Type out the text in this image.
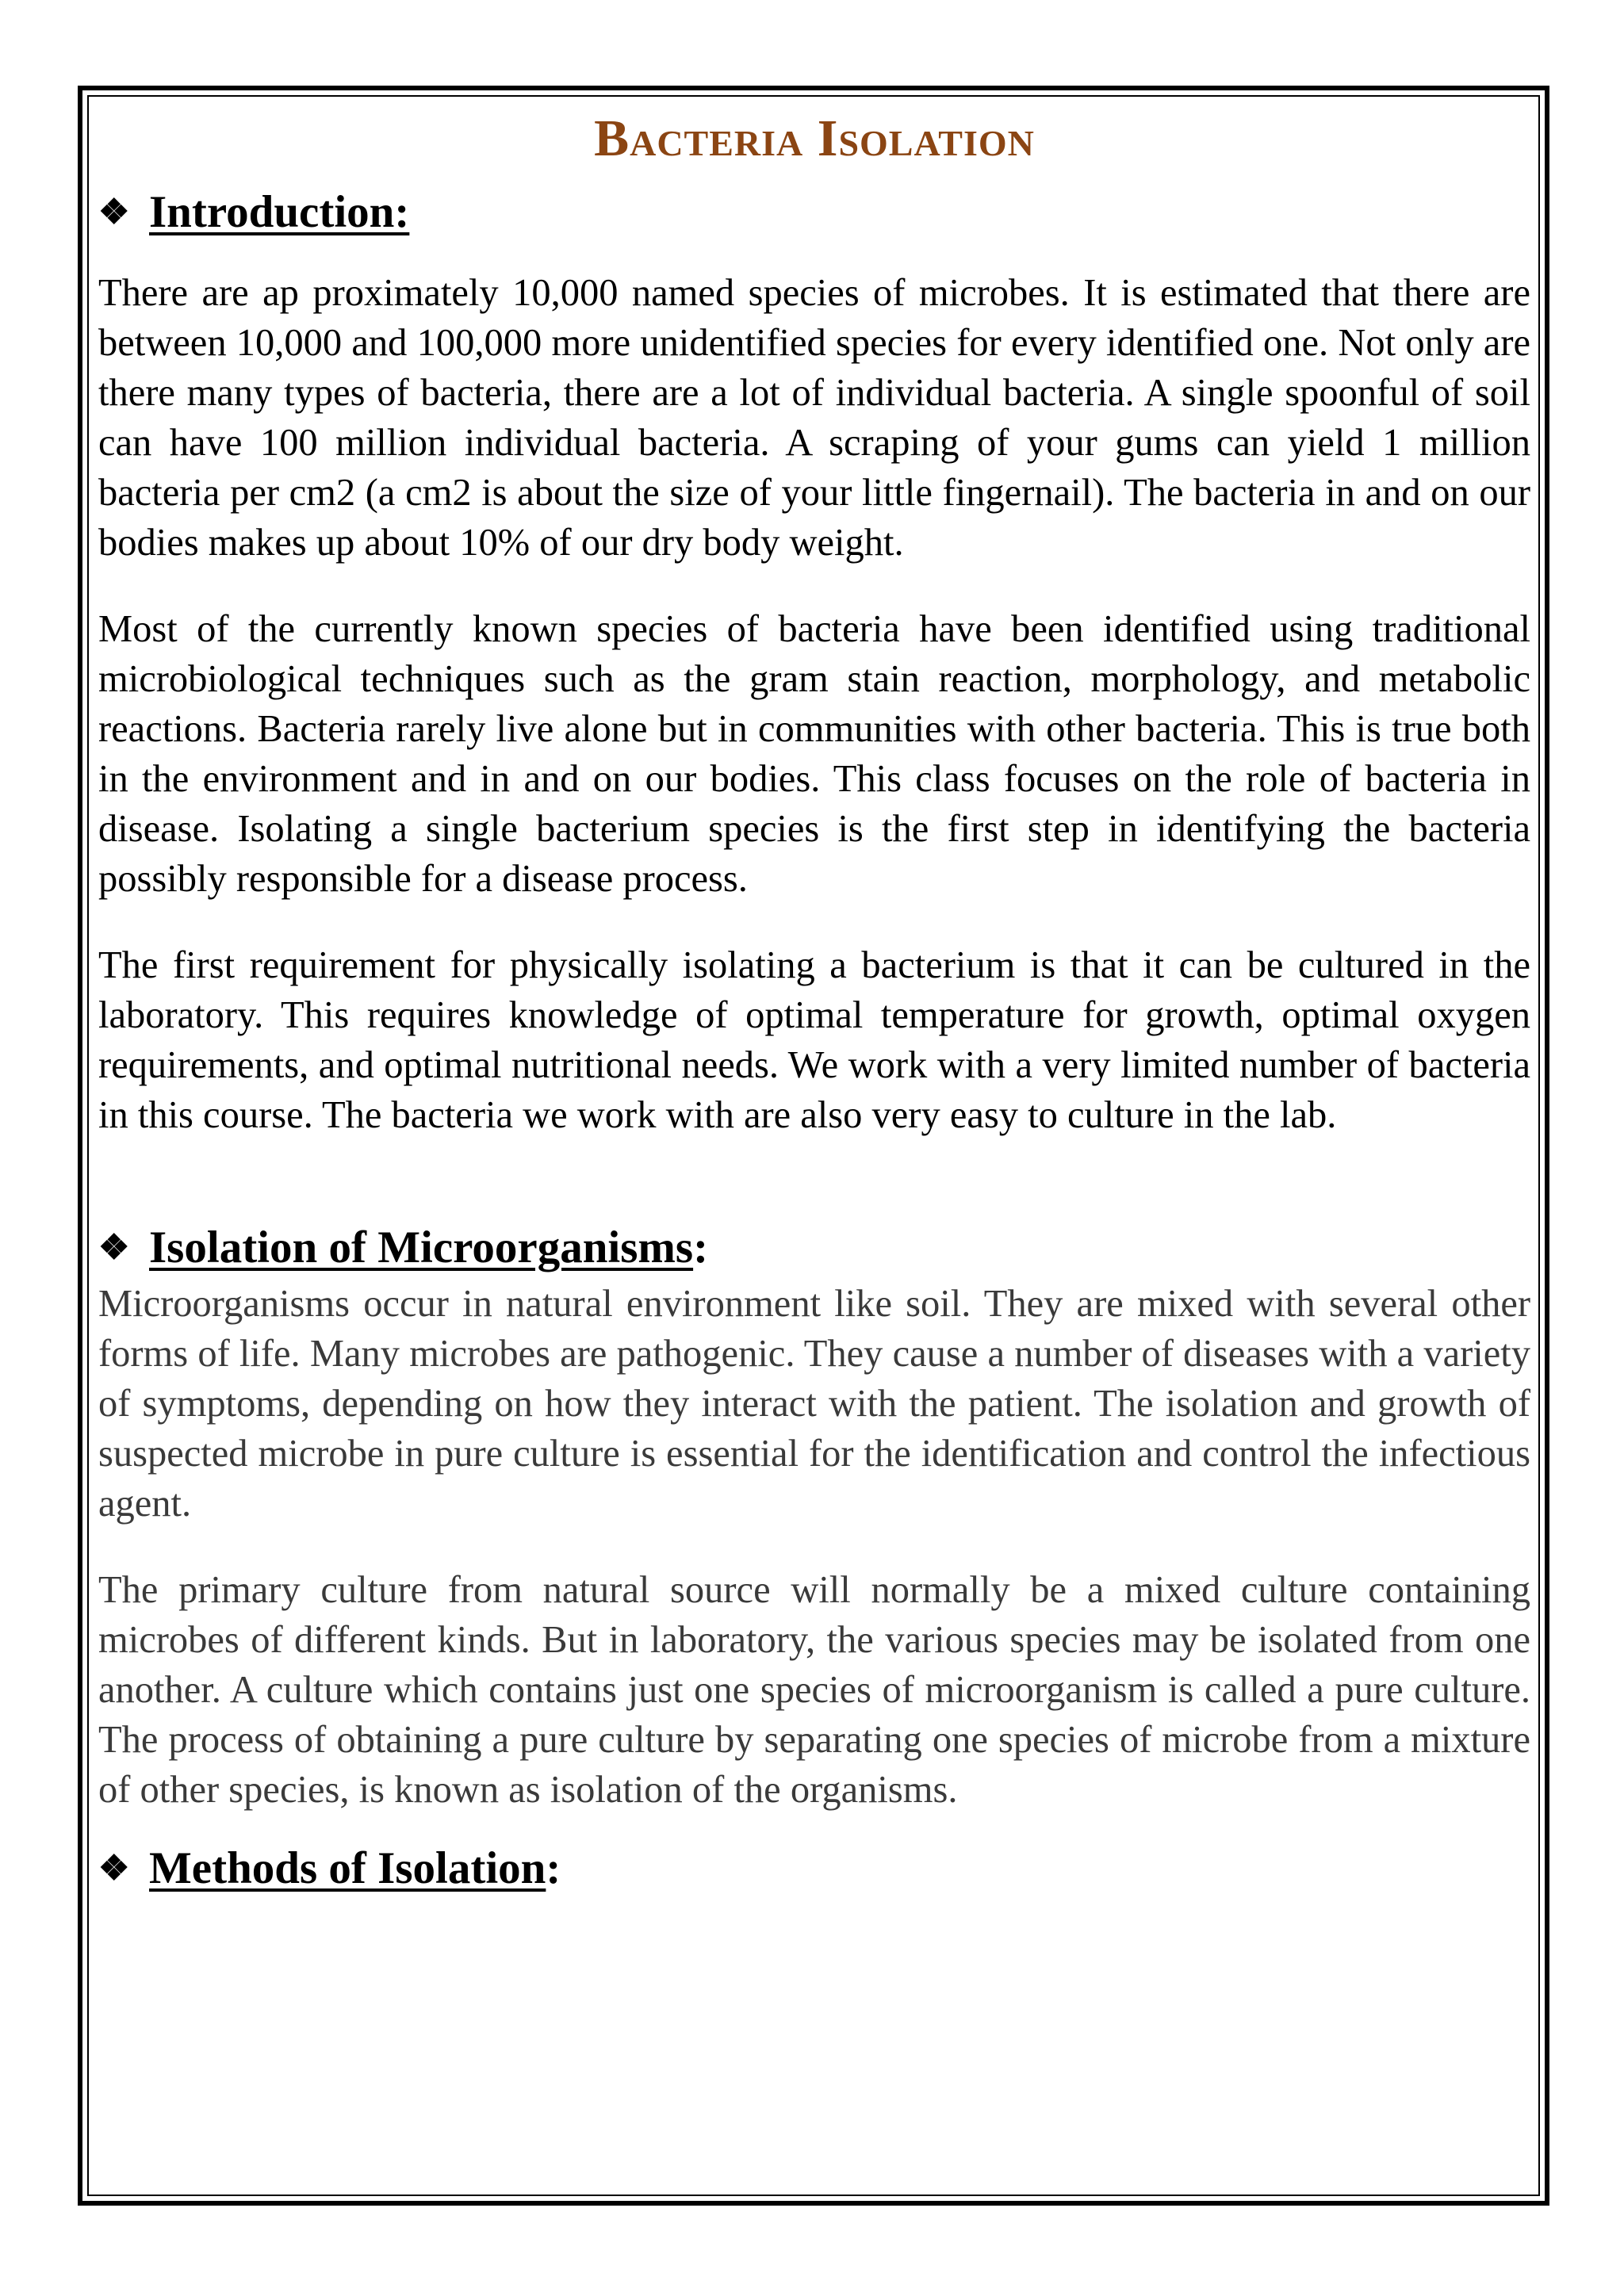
Bacteria Isolation
❖ Introduction:

There are ap proximately 10,000 named species of microbes. It is estimated that there are between 10,000 and 100,000 more unidentified species for every identified one. Not only are there many types of bacteria, there are a lot of individual bacteria. A single spoonful of soil can have 100 million individual bacteria. A scraping of your gums can yield 1 million bacteria per cm2 (a cm2 is about the size of your little fingernail). The bacteria in and on our bodies makes up about 10% of our dry body weight.

Most of the currently known species of bacteria have been identified using traditional microbiological techniques such as the gram stain reaction, morphology, and metabolic reactions. Bacteria rarely live alone but in communities with other bacteria. This is true both in the environment and in and on our bodies. This class focuses on the role of bacteria in disease. Isolating a single bacterium species is the first step in identifying the bacteria possibly responsible for a disease process.

The first requirement for physically isolating a bacterium is that it can be cultured in the laboratory. This requires knowledge of optimal temperature for growth, optimal oxygen requirements, and optimal nutritional needs. We work with a very limited number of bacteria in this course. The bacteria we work with are also very easy to culture in the lab.

❖ Isolation of Microorganisms :

Microorganisms occur in natural environment like soil. They are mixed with several other forms of life. Many microbes are pathogenic. They cause a number of diseases with a variety of symptoms, depending on how they interact with the patient. The isolation and growth of suspected microbe in pure culture is essential for the identification and control the infectious agent.

The primary culture from natural source will normally be a mixed culture containing microbes of different kinds. But in laboratory, the various species may be isolated from one another. A culture which contains just one species of microorganism is called a pure culture. The process of obtaining a pure culture by separating one species of microbe from a mixture of other species, is known as isolation of the organisms.

❖ Methods of Isolation :
